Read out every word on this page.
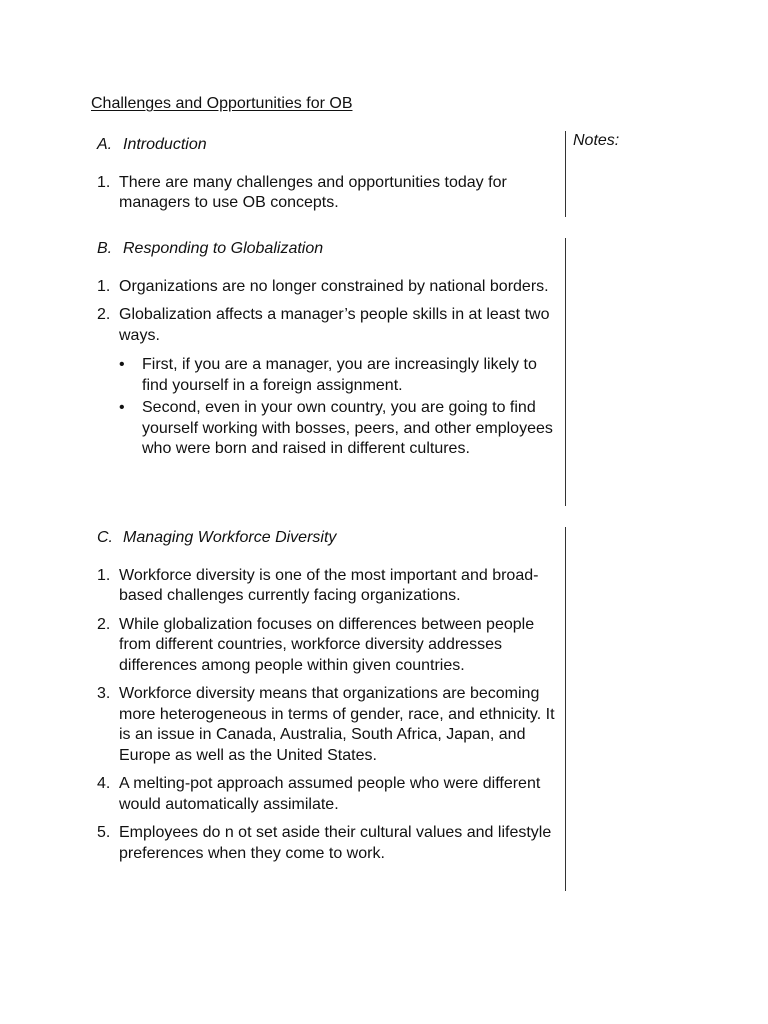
Challenges and Opportunities for OB
Notes:
A. Introduction
1. There are many challenges and opportunities today for managers to use OB concepts.
B. Responding to Globalization
1. Organizations are no longer constrained by national borders.
2. Globalization affects a manager’s people skills in at least two ways.
• First, if you are a manager, you are increasingly likely to find yourself in a foreign assignment.
• Second, even in your own country, you are going to find yourself working with bosses, peers, and other employees who were born and raised in different cultures.
C. Managing Workforce Diversity
1. Workforce diversity is one of the most important and broad-based challenges currently facing organizations.
2. While globalization focuses on differences between people from different countries, workforce diversity addresses differences among people within given countries.
3. Workforce diversity means that organizations are becoming more heterogeneous in terms of gender, race, and ethnicity. It is an issue in Canada, Australia, South Africa, Japan, and Europe as well as the United States.
4. A melting-pot approach assumed people who were different would automatically assimilate.
5. Employees do n ot set aside their cultural values and lifestyle preferences when they come to work.
